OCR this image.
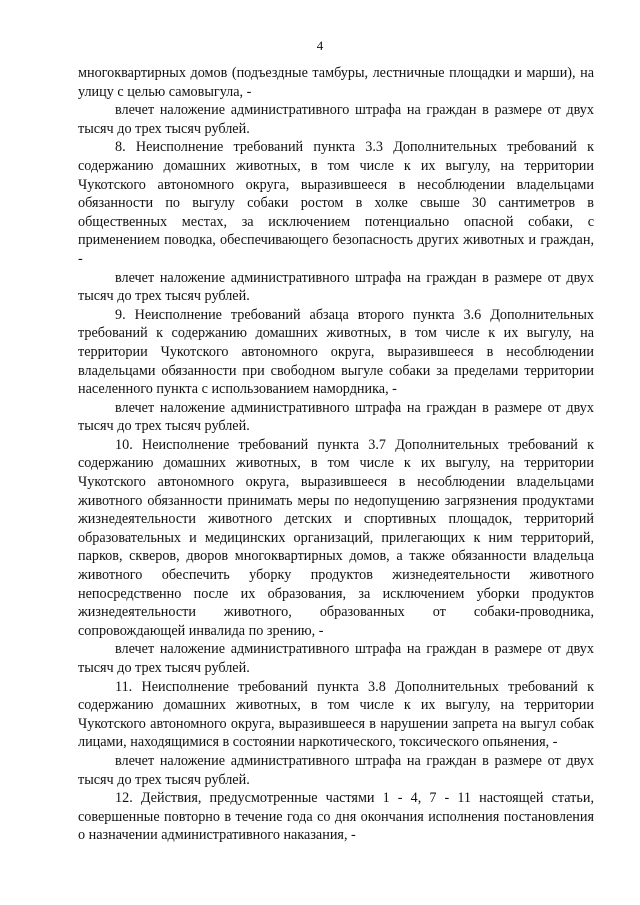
4

многоквартирных домов (подъездные тамбуры, лестничные площадки и марши), на улицу с целью самовыгула, -

влечет наложение административного штрафа на граждан в размере от двух тысяч до трех тысяч рублей.

8. Неисполнение требований пункта 3.3 Дополнительных требований к содержанию домашних животных, в том числе к их выгулу, на территории Чукотского автономного округа, выразившееся в несоблюдении владельцами обязанности по выгулу собаки ростом в холке свыше 30 сантиметров в общественных местах, за исключением потенциально опасной собаки, с применением поводка, обеспечивающего безопасность других животных и граждан, -

влечет наложение административного штрафа на граждан в размере от двух тысяч до трех тысяч рублей.

9. Неисполнение требований абзаца второго пункта 3.6 Дополнительных требований к содержанию домашних животных, в том числе к их выгулу, на территории Чукотского автономного округа, выразившееся в несоблюдении владельцами обязанности при свободном выгуле собаки за пределами территории населенного пункта с использованием намордника, -

влечет наложение административного штрафа на граждан в размере от двух тысяч до трех тысяч рублей.

10. Неисполнение требований пункта 3.7 Дополнительных требований к содержанию домашних животных, в том числе к их выгулу, на территории Чукотского автономного округа, выразившееся в несоблюдении владельцами животного обязанности принимать меры по недопущению загрязнения продуктами жизнедеятельности животного детских и спортивных площадок, территорий образовательных и медицинских организаций, прилегающих к ним территорий, парков, скверов, дворов многоквартирных домов, а также обязанности владельца животного обеспечить уборку продуктов жизнедеятельности животного непосредственно после их образования, за исключением уборки продуктов жизнедеятельности животного, образованных от собаки-проводника, сопровождающей инвалида по зрению, -

влечет наложение административного штрафа на граждан в размере от двух тысяч до трех тысяч рублей.

11. Неисполнение требований пункта 3.8 Дополнительных требований к содержанию домашних животных, в том числе к их выгулу, на территории Чукотского автономного округа, выразившееся в нарушении запрета на выгул собак лицами, находящимися в состоянии наркотического, токсического опьянения, -

влечет наложение административного штрафа на граждан в размере от двух тысяч до трех тысяч рублей.

12. Действия, предусмотренные частями 1 - 4, 7 - 11 настоящей статьи, совершенные повторно в течение года со дня окончания исполнения постановления о назначении административного наказания, -
